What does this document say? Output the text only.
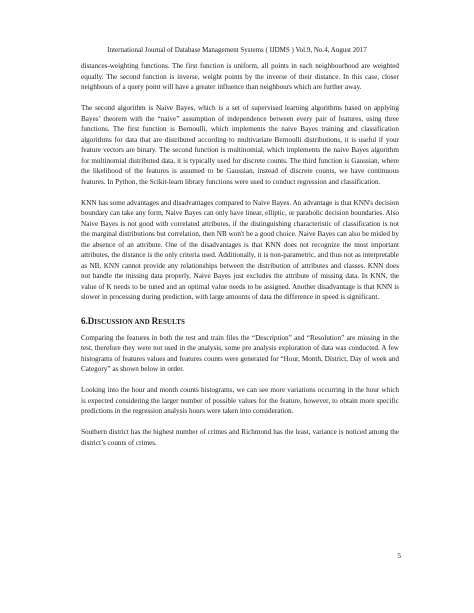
International Journal of Database Management Systems ( IJDMS ) Vol.9, No.4, August 2017

distances-weighting functions. The first function is uniform, all points in each neighbourhood are weighted equally. The second function is inverse, weight points by the inverse of their distance. In this case, closer neighbours of a query point will have a greater influence than neighbours which are further away.

The second algorithm is Naive Bayes, which is a set of supervised learning algorithms based on applying Bayes’ theorem with the “naive” assumption of independence between every pair of features, using three functions. The first function is Bernoulli, which implements the naive Bayes training and classification algorithms for data that are distributed according to multivariate Bernoulli distributions, it is useful if your feature vectors are binary. The second function is multinomial, which implements the naive Bayes algorithm for multinomial distributed data, it is typically used for discrete counts. The third function is Gaussian, where the likelihood of the features is assumed to be Gaussian, instead of discrete counts, we have continuous features. In Python, the Scikit-learn library functions were used to conduct regression and classification.

KNN has some advantages and disadvantages compared to Naive Bayes. An advantage is that KNN's decision boundary can take any form, Naive Bayes can only have linear, elliptic, or parabolic decision boundaries. Also Naive Bayes is not good with correlated attributes, if the distinguishing characteristic of classification is not the marginal distributions but correlation, then NB won't be a good choice. Naive Bayes can also be misled by the absence of an attribute. One of the disadvantages is that KNN does not recognize the most important attributes, the distance is the only criteria used. Additionally, it is non-parametric, and thus not as interpretable as NB, KNN cannot provide any relationships between the distribution of attributes and classes. KNN does not handle the missing data properly, Naive Bayes just excludes the attribute of missing data. In KNN, the value of K needs to be tuned and an optimal value needs to be assigned. Another disadvantage is that KNN is slower in processing during prediction, with large amounts of data the difference in speed is significant.

6.DISCUSSION AND RESULTS

Comparing the features in both the test and train files the “Description” and “Resolution” are missing in the test, therefore they were not used in the analysis, some pre analysis exploration of data was conducted. A few histograms of features values and features counts were generated for “Hour, Month, District, Day of week and Category” as shown below in order.

Looking into the hour and month counts histograms, we can see more variations occurring in the hour which is expected considering the larger number of possible values for the feature, however, to obtain more specific predictions in the regression analysis hours were taken into consideration.

Southern district has the highest number of crimes and Richmond has the least, variance is noticed among the district’s counts of crimes.

5
